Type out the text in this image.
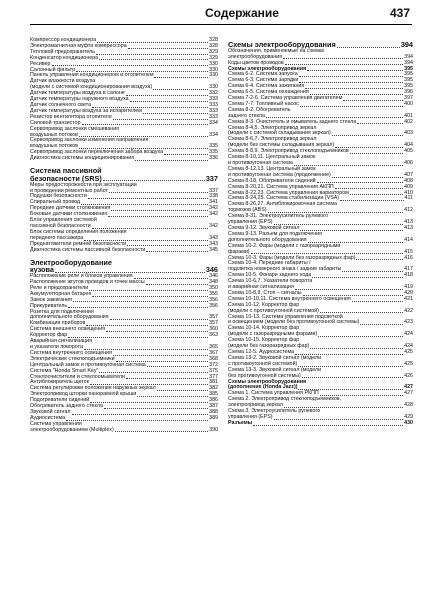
Содержание	437
Компрессор кондиционера	328
Электромагнитная муфта компрессора	328
Тепловой предохранитель	329
Конденсатор кондиционера	329
Ресивер	330
Салонный фильтр	330
Панель управления кондиционером и отопителем	330
Датчик влажности воздуха
(модели с системой кондиционирования воздуха)	330
Датчик температуры воздуха в салоне	332
Датчик температуры наружного воздуха	333
Датчик солнечного света	333
Датчик температуры воздуха за испарителем	333
Резистор вентилятора отопителя	333
Силовой транзистор	334
Сервопривод заслонки смешивания
воздушных потоков	334
Сервопривод заслонки изменения направления
воздушных потоков	335
Сервопривод заслонки переключения забора воздуха	335
Диагностика системы кондиционирования	336
Система пассивной
безопасности (SRS)	337
Меры предосторожности при эксплуатации
и проведении ремонтных работ	337
Подушки безопасности	338
Спиральный провод	341
Передние датчики столкновения	342
Боковые датчики столкновения	342
Блок управления системой
пассивной безопасности	342
Блок системы определения положения
переднего пассажира	343
Преднатяжители ремней безопасности	343
Диагностика системы пассивной безопасности	345
Электрооборудование
кузова	346
Расположение реле и блоков управления	346
Расположение жгутов проводов и точек массы	348
Реле и предохранители	350
Аккумуляторная батарея	355
Замок зажигания	356
Прикуриватель	356
Розетка для подключения
дополнительного оборудования	357
Комбинация приборов	357
Система внешнего освещения	360
Корректор фар	363
Аварийная сигнализация
и указатели поворота	365
Система внутреннего освещения	367
Электрические стеклоподъемники	368
Центральный замок и противоугонная система	372
Система "Honda Smart Key"	375
Стеклоочистители и стеклоомыватели	377
Антиблокиратель щеток	381
Система регулировки положения наружных зеркал	382
Электропривод шторки панорамной крыши	385
Подогреватели сидений	386
Обогреватель заднего стекла	387
Звуковой сигнал	388
Аудиосистема	389
Система управления
электрооборудованием (Multiplex)	390
Схемы электрооборудования	394
Обозначения, применяемые на схемах
электрооборудования	394
Коды цветов проводов	394
Схемы электрооборудования	395
Схема 6-2. Система запуска	395
Схема 6-3. Система зарядки	395
Схема 6-4. Система зажигания	395
Схема 6-5. Система охлаждения	396
Схема 7-2-6. Система управления двигателем	397
Схема 7-7. Топливный насос	400
Схема 8-2. Обогреватель
заднего стекла	401
Схема 8-3. Очиститель и омыватель заднего стекла	402
Схема 8-4,5. Электропривод зеркал
(модели с системой складывания зеркал)	403
Схема 8-6,7. Электропривод зеркал
(модели без системы складывания зеркал)	404
Схема 8-8,9. Электропривод стеклоподъемников	405
Схема 8-10,11. Центральный замок
и противоугонная система	406
Схема 8-12,13. Центральный замок
и противоугонная система (продолжение)	407
Схема 8-18. Обогреватели сидений	408
Схема 8-20,21. Система управления АКПП	409
Схема 8-22,23. Система управления вариатором	410
Схема 8-24,25. Система стабилизации (VSA)	411
Схема 8-26,27. Антиблокировочная система
тормозов (ABS)	412
Схема 8-31. Электроусилитель рулевого
управления (EPS)	413
Схема 9-12. Звуковой сигнал	413
Схема 9-13. Разъем для подключения
дополнительного оборудования	414
Схема 10-2. Фары (модели с газоразрядными
фарами)	415
Схема 10-3. Фары (модели без газоразрядных фар)	416
Схема 10-4. Передние габариты /
подсветка номерного знака / задние габариты	417
Схема 10-5. Фонари заднего хода	418
Схема 10-6,7. Указатели поворота
и аварийная сигнализация	419
Схема 10-8,9. Стоп – сигналы	420
Схема 10-10,11. Система внутреннего освещения	421
Схема 10-12. Корректор фар
(модели с противоугонной системой)	422
Схема 10-13. Система управления подсветкой
и освещением (модели без противоугонной системы)	423
Схема 10-14. Корректор фар
(модели с газоразрядными фарами)	424
Схема 10-15. Корректор фар
(модели без газоразрядных фар)	424
Схема 12-5. Аудиосистема	425
Схема 13-2. Звуковой сигнал (модели
с противоугонной системой)	425
Схема 13-3. Звуковой сигнал (модели
без противоугонной системы)	426
Схемы электрооборудования
(дополнение (Honda Jazz))	427
Схема 1. Система управления РКПП	427
Схема 2. Электропривод стеклоподъемников,
электропривод зеркал	428
Схема 3. Электроусилитель рулевого
управления (EPS)	429
Разъемы	430
